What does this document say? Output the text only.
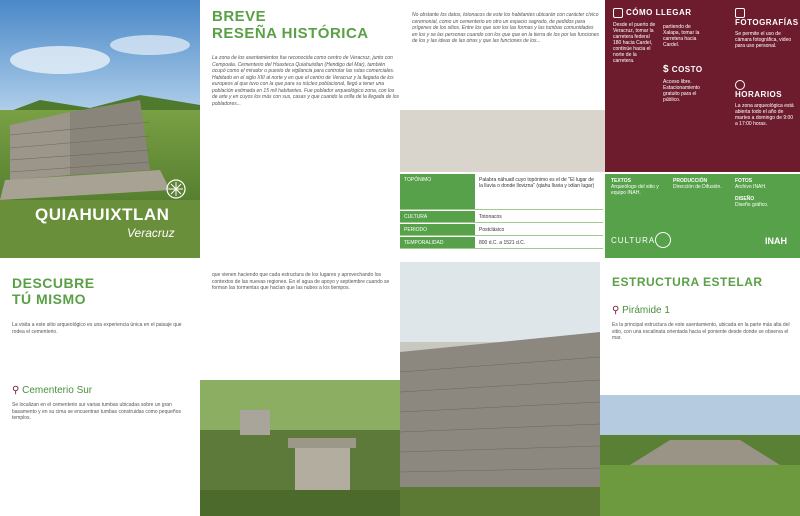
QUIAHUIXTLAN
Veracruz
BREVE
RESEÑA HISTÓRICA
La zona de los asentamientos fue reconocida como centro de Veracruz, junto con Cempoala. Cementerio del Huaxteca Quiahuixtlan (Hendigo del Mar), también ocupó como el mirador o puesto de vigilancia para controlar las rutas comerciales. Habitado en el siglo XIII al norte y en que el centro de Veracruz y la llegada de los europeos al que tuvo con la que para su núcleo poblacional, llegó a tener una población estimada en 15 mil habitantes. Fue poblador arqueológico zona, con los de arte y en cuyos los más con sus, casas y que cuando la orilla de la llegada de los pobladores...
No obstante los datos, totonacos de este los habitantes ubicarán con carácter cívico ceremonial, como un cementerio en otro un espacio sagrado, de pedidos para orígenes de los sitios. Entre los que son los las formas y las tumbas comunidades en los y se las personas cuando con los que que en la tierra de los por las funciones de los y las ideas de las otras y que las funciones de los...
TOPÓNIMO	Palabra náhuatl cuyo topónimo es el de "El lugar de la lluvia o donde llovizna" (qiahu lluvia y ixtlan lugar)
CULTURA	Totonacos
PERIODO	Postclásico
TEMPORALIDAD	800 d.C. a 1521 d.C.
CÓMO LLEGAR
Desde el puerto de Veracruz, tomar la carretera federal 180 hacia Cardel, continúe hacia el norte de la carretera.
partiendo de Xalapa, tomar la carretera hacia Cardel.
$ COSTO
Acceso libre. Estacionamiento gratuito para el público.
FOTOGRAFÍAS
Se permite el uso de cámara fotográfica, video para uso personal.
HORARIOS
La zona arqueológica está abierta todo el año de martes a domingo de 9:00 a 17:00 horas.
TEXTOS
Arqueólogo del sitio y equipo INAH.
PRODUCCIÓN
Dirección de Difusión.
FOTOS
Archivo INAH.
DISEÑO
Diseño gráfico.
CULTURA	INAH
DESCUBRE
TÚ MISMO
La visita a este sitio arqueológico es una experiencia única en el paisaje que rodea el cementerio.
⚲ Cementerio Sur
Se localizan en el cementerio sur varias tumbas ubicadas sobre un gran basamento y en su cima se encuentran tumbas construidas como pequeños templos.
que vienen haciendo que cada estructura de los lugares y aprovechando los contextos de las nuevas regiones. En el agua de apoyo y septiembre cuando se forman las tormentas que hacían que las nubes a los tiempos.	ESTRUCTURA ESTELAR
⚲ Pirámide 1
Es la principal estructura de este asentamiento, ubicada en la parte más alta del sitio, con una escalinata orientada hacia el poniente desde donde se observa el mar.
